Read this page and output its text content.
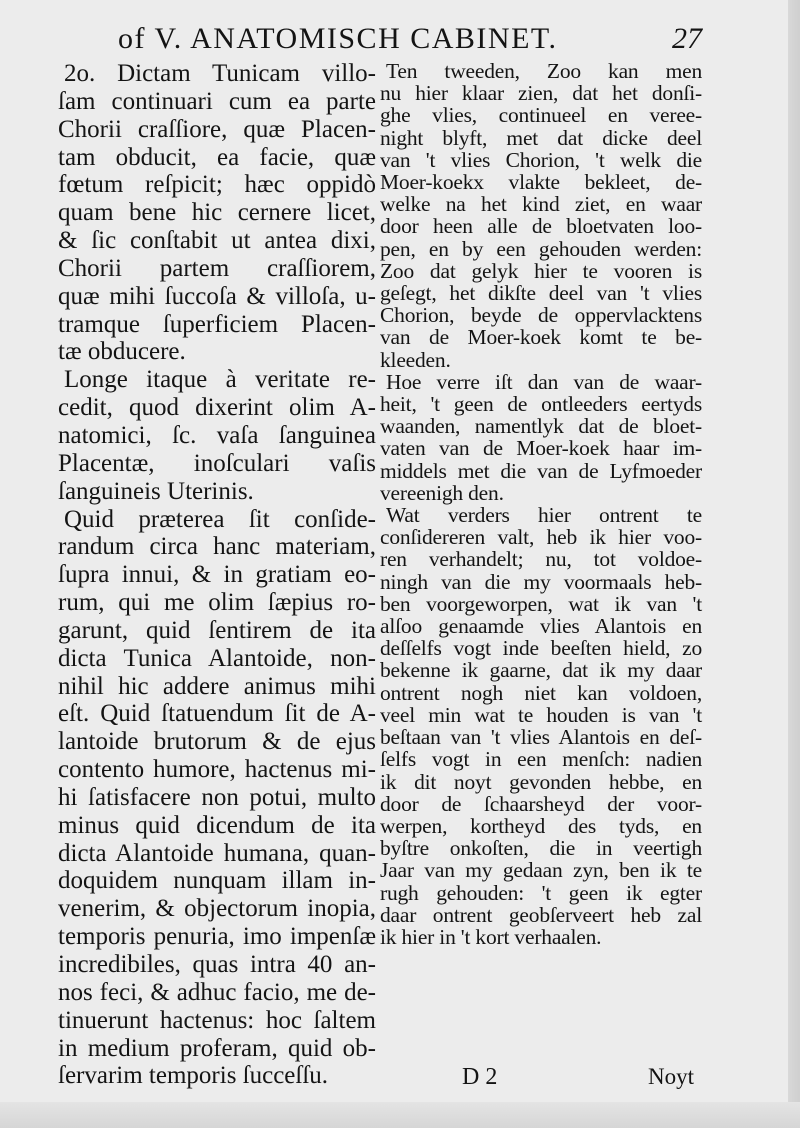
of V. ANATOMISCH CABINET.	27
2o. Dictam Tunicam villo-
ſam continuari cum ea parte
Chorii craſſiore, quæ Placen-
tam obducit, ea facie, quæ
fœtum reſpicit; hæc oppidò
quam bene hic cernere licet,
& ſic conſtabit ut antea dixi,
Chorii partem craſſiorem,
quæ mihi ſuccoſa & villoſa, u-
tramque ſuperficiem Placen-
tæ obducere.
Longe itaque à veritate re-
cedit, quod dixerint olim A-
natomici, ſc. vaſa ſanguinea
Placentæ, inoſculari vaſis
ſanguineis Uterinis.
Quid præterea ſit conſide-
randum circa hanc materiam,
ſupra innui, & in gratiam eo-
rum, qui me olim ſæpius ro-
garunt, quid ſentirem de ita
dicta Tunica Alantoide, non-
nihil hic addere animus mihi
eſt. Quid ſtatuendum ſit de A-
lantoide brutorum & de ejus
contento humore, hactenus mi-
hi ſatisfacere non potui, multo
minus quid dicendum de ita
dicta Alantoide humana, quan-
doquidem nunquam illam in-
venerim, & objectorum inopia,
temporis penuria, imo impenſæ
incredibiles, quas intra 40 an-
nos feci, & adhuc facio, me de-
tinuerunt hactenus: hoc ſaltem
in medium proferam, quid ob-
ſervarim temporis ſucceſſu.
Ten tweeden, Zoo kan men
nu hier klaar zien, dat het donſi-
ghe vlies, continueel en veree-
night blyft, met dat dicke deel
van 't vlies Chorion, 't welk die
Moer-koekx vlakte bekleet, de-
welke na het kind ziet, en waar
door heen alle de bloetvaten loo-
pen, en by een gehouden werden:
Zoo dat gelyk hier te vooren is
geſegt, het dikſte deel van 't vlies
Chorion, beyde de oppervlacktens
van de Moer-koek komt te be-
kleeden.
Hoe verre iſt dan van de waar-
heit, 't geen de ontleeders eertyds
waanden, namentlyk dat de bloet-
vaten van de Moer-koek haar im-
middels met die van de Lyfmoeder
vereenigh den.
Wat verders hier ontrent te
conſidereren valt, heb ik hier voo-
ren verhandelt; nu, tot voldoe-
ningh van die my voormaals heb-
ben voorgeworpen, wat ik van 't
alſoo genaamde vlies Alantois en
deſſelfs vogt inde beeſten hield, zo
bekenne ik gaarne, dat ik my daar
ontrent nogh niet kan voldoen,
veel min wat te houden is van 't
beſtaan van 't vlies Alantois en deſ-
ſelfs vogt in een menſch: nadien
ik dit noyt gevonden hebbe, en
door de ſchaarsheyd der voor-
werpen, kortheyd des tyds, en
byſtre onkoſten, die in veertigh
Jaar van my gedaan zyn, ben ik te
rugh gehouden: 't geen ik egter
daar ontrent geobſerveert heb zal
ik hier in 't kort verhaalen.
D 2	Noyt
